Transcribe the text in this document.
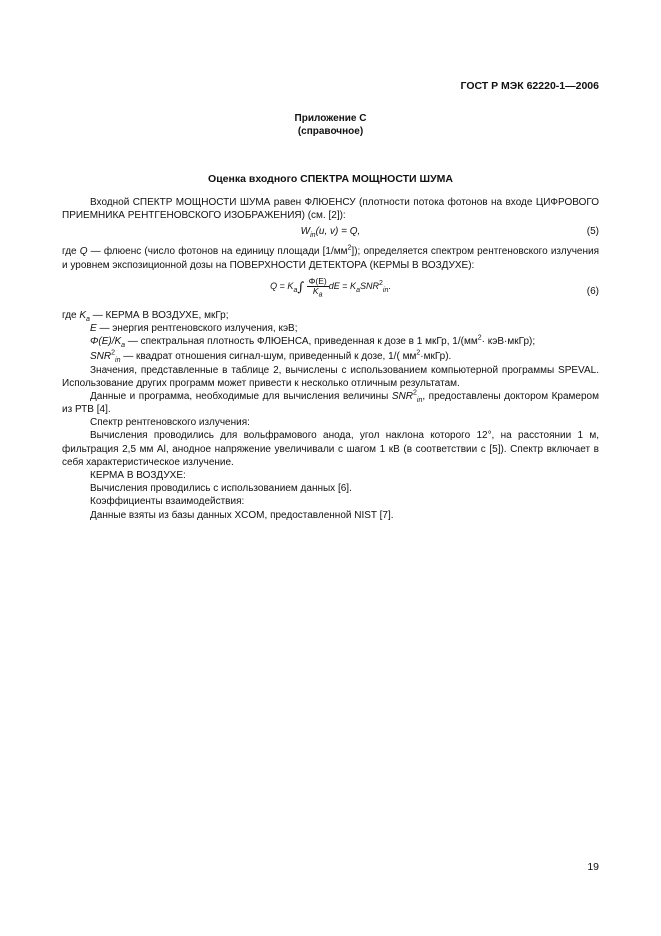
ГОСТ Р МЭК 62220-1—2006
Приложение С
(справочное)
Оценка входного СПЕКТРА МОЩНОСТИ ШУМА

Входной СПЕКТР МОЩНОСТИ ШУМА равен ФЛЮЕНСУ (плотности потока фотонов на входе ЦИФРОВОГО ПРИЕМНИКА РЕНТГЕНОВСКОГО ИЗОБРАЖЕНИЯ) (см. [2]):

$W_{in}(u$, v) = Q,	(5)

где Q — флюенс (число фотонов на единицу площади $[1/мм^2]$); определяется спектром рентгеновского излучения и уровнем экспозиционной дозы на ПОВЕРХНОСТИ ДЕТЕКТОРА (КЕРМЫ В ВОЗДУХЕ):

$Q = K_a\int \frac{\Phi(E)}{K_a}$ dE = $K_aSNR^2_{in}$.	(6)

где $K_a$ — КЕРМА В ВОЗДУХЕ, мкГр;

E — энергия рентгеновского излучения, кэВ;

$\Phi(E)/K_a$ — спектральная плотность ФЛЮЕНСА, приведенная к дозе в 1 мкГр, $1/(мм^2\cdot$ кэВ·мкГр);

$SNR^2_{in}$ — квадрат отношения сигнал-шум, приведенный к дозе, 1/( $мм^2\cdot мкГр$).

Значения, представленные в таблице 2, вычислены с использованием компьютерной программы SPEVAL. Использование других программ может привести к несколько отличным результатам.

Данные и программа, необходимые для вычисления величины $SNR^2_{in}$, предоставлены доктором Крамером из РТВ [4].

Спектр рентгеновского излучения:

Вычисления проводились для вольфрамового анода, угол наклона которого 12°, на расстоянии 1 м, фильтрация 2,5 мм Al, анодное напряжение увеличивали с шагом 1 кВ (в соответствии с [5]). Спектр включает в себя характеристическое излучение.

КЕРМА В ВОЗДУХЕ:

Вычисления проводились с использованием данных [6].

Коэффициенты взаимодействия:

Данные взяты из базы данных XCOM, предоставленной NIST [7].

19
